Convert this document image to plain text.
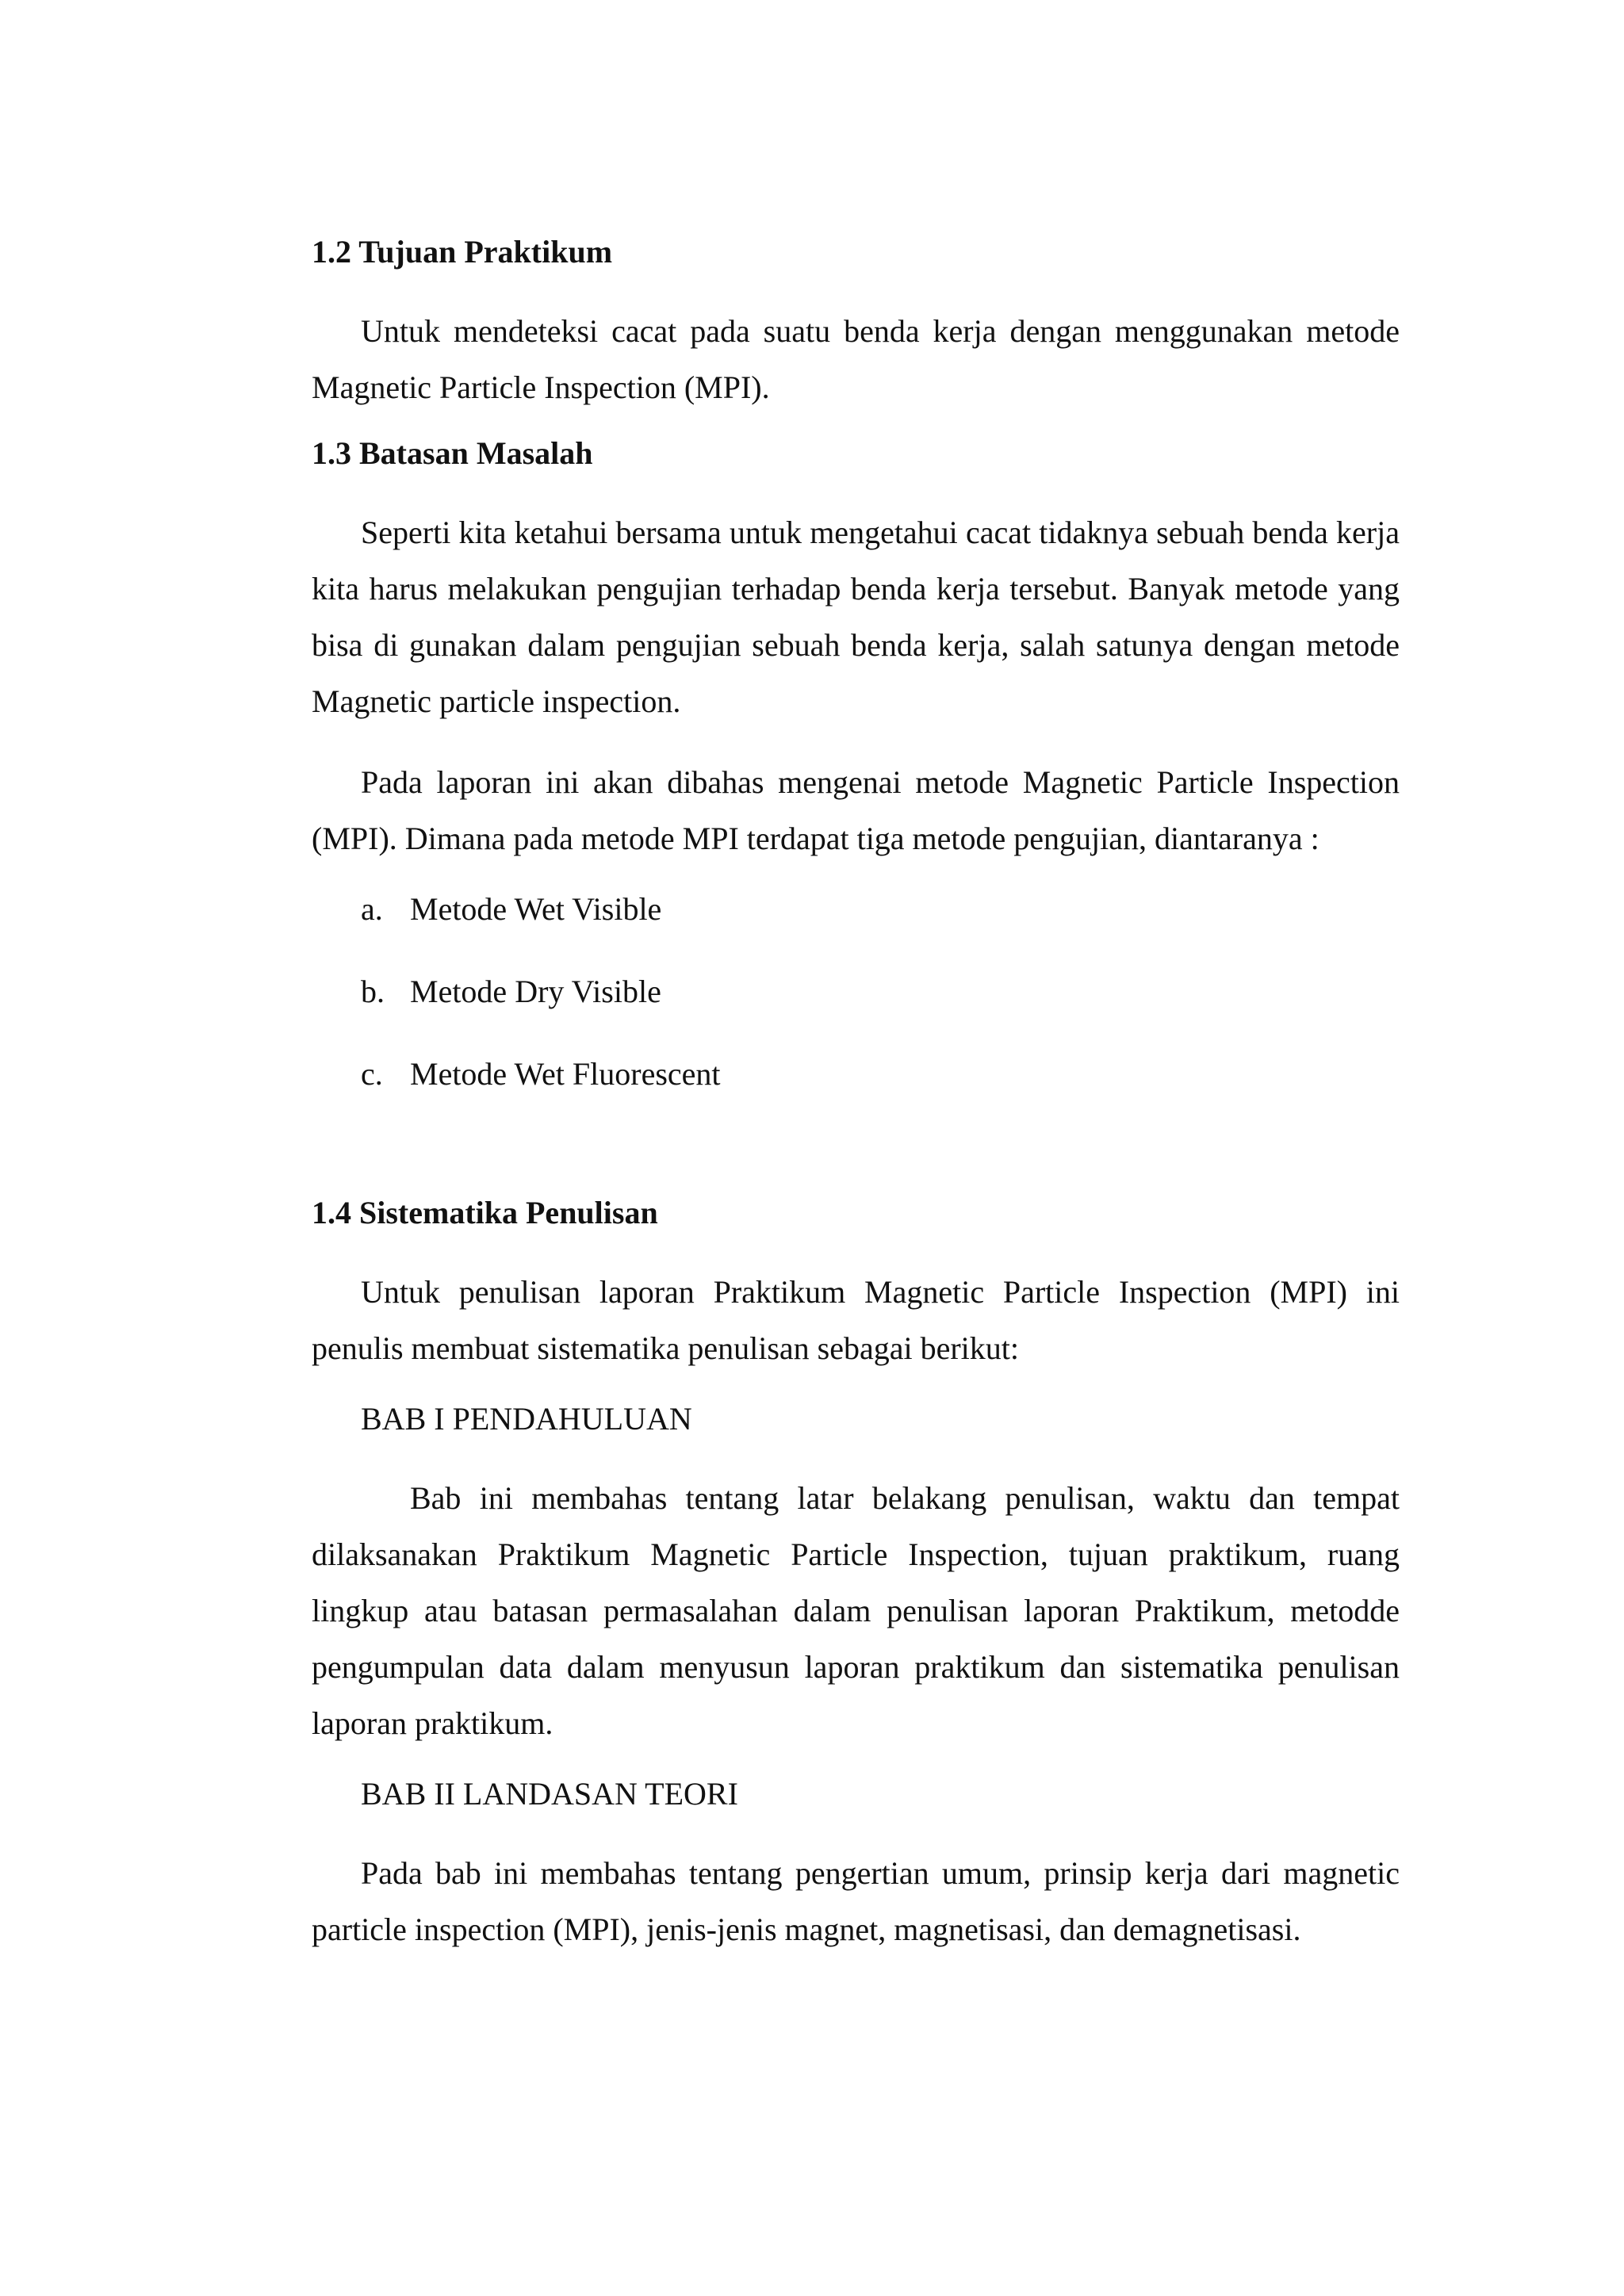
1.2 Tujuan Praktikum

Untuk mendeteksi cacat pada suatu benda kerja dengan menggunakan metode Magnetic Particle Inspection (MPI).

1.3 Batasan Masalah

Seperti kita ketahui bersama untuk mengetahui cacat tidaknya sebuah benda kerja kita harus melakukan pengujian terhadap benda kerja tersebut. Banyak metode yang bisa di gunakan dalam pengujian sebuah benda kerja, salah satunya dengan metode Magnetic particle inspection.

Pada laporan ini akan dibahas mengenai metode Magnetic Particle Inspection (MPI). Dimana pada metode MPI terdapat tiga metode pengujian, diantaranya :

a. Metode Wet Visible
b. Metode Dry Visible
c. Metode Wet Fluorescent
1.4 Sistematika Penulisan

Untuk penulisan laporan Praktikum Magnetic Particle Inspection (MPI) ini penulis membuat sistematika penulisan sebagai berikut:

BAB I PENDAHULUAN

Bab ini membahas tentang latar belakang penulisan, waktu dan tempat dilaksanakan Praktikum Magnetic Particle Inspection, tujuan praktikum, ruang lingkup atau batasan permasalahan dalam penulisan laporan Praktikum, metodde pengumpulan data dalam menyusun laporan praktikum dan sistematika penulisan laporan praktikum.

BAB II LANDASAN TEORI

Pada bab ini membahas tentang pengertian umum, prinsip kerja dari magnetic particle inspection (MPI), jenis-jenis magnet, magnetisasi, dan demagnetisasi.
